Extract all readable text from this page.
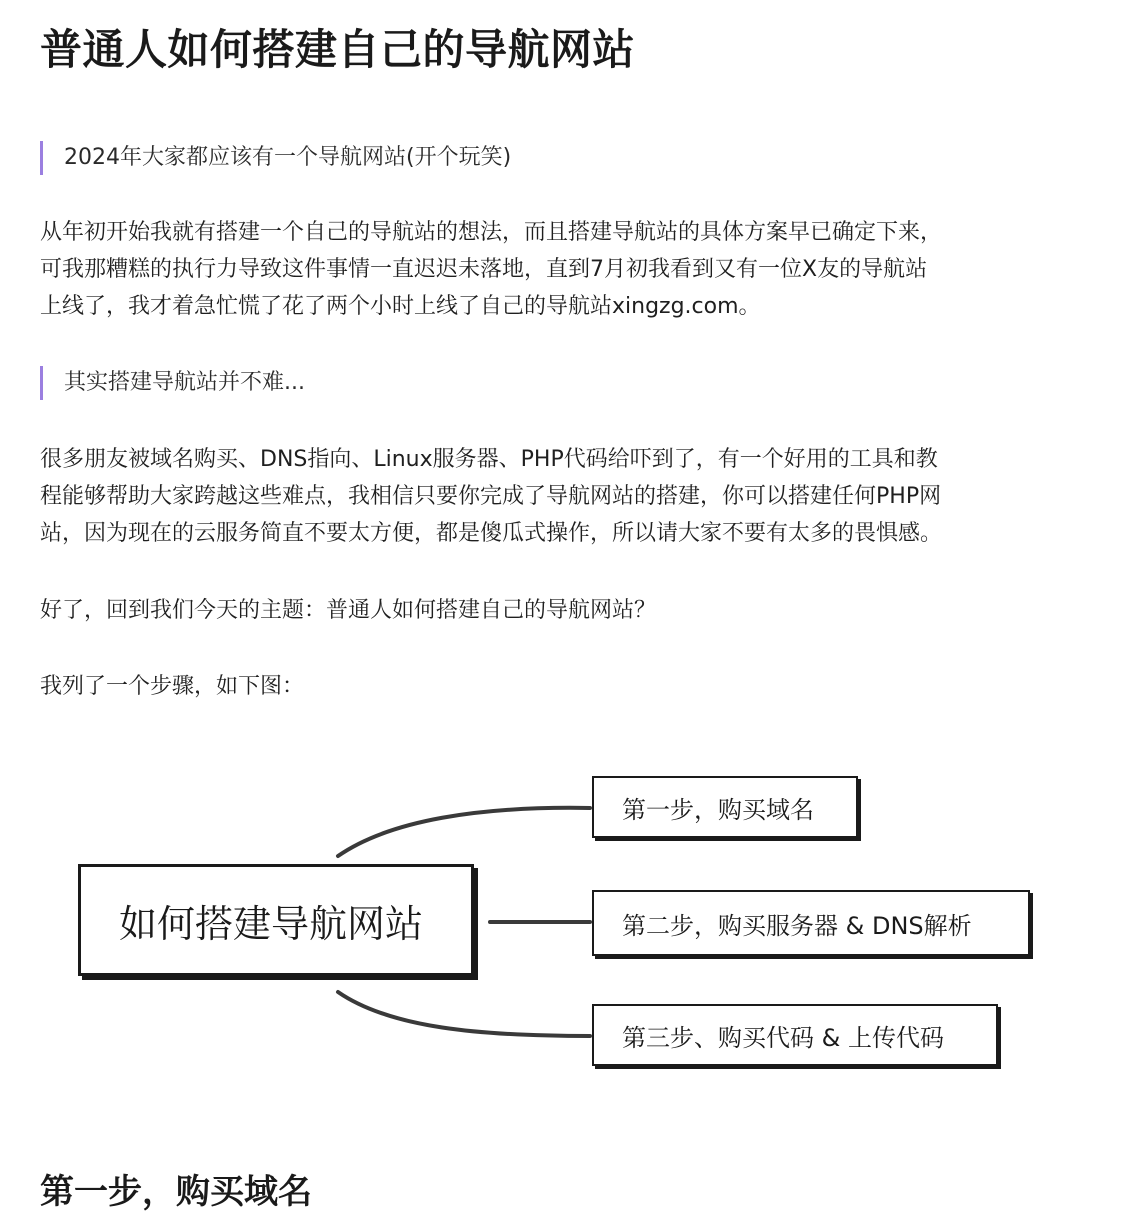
普通人如何搭建自己的导航网站
2024年大家都应该有一个导航网站(开个玩笑)

从年初开始我就有搭建一个自己的导航站的想法，而且搭建导航站的具体方案早已确定下来，
可我那糟糕的执行力导致这件事情一直迟迟未落地，直到7月初我看到又有一位X友的导航站
上线了，我才着急忙慌了花了两个小时上线了自己的导航站xingzg.com。

其实搭建导航站并不难...

很多朋友被域名购买、DNS指向、Linux服务器、PHP代码给吓到了，有一个好用的工具和教
程能够帮助大家跨越这些难点，我相信只要你完成了导航网站的搭建，你可以搭建任何PHP网
站，因为现在的云服务简直不要太方便，都是傻瓜式操作，所以请大家不要有太多的畏惧感。

好了，回到我们今天的主题：普通人如何搭建自己的导航网站？

我列了一个步骤，如下图：

第一步，购买域名
如何搭建导航网站
第一步，购买域名
第二步，购买服务器 & DNS解析
第三步、购买代码 & 上传代码
